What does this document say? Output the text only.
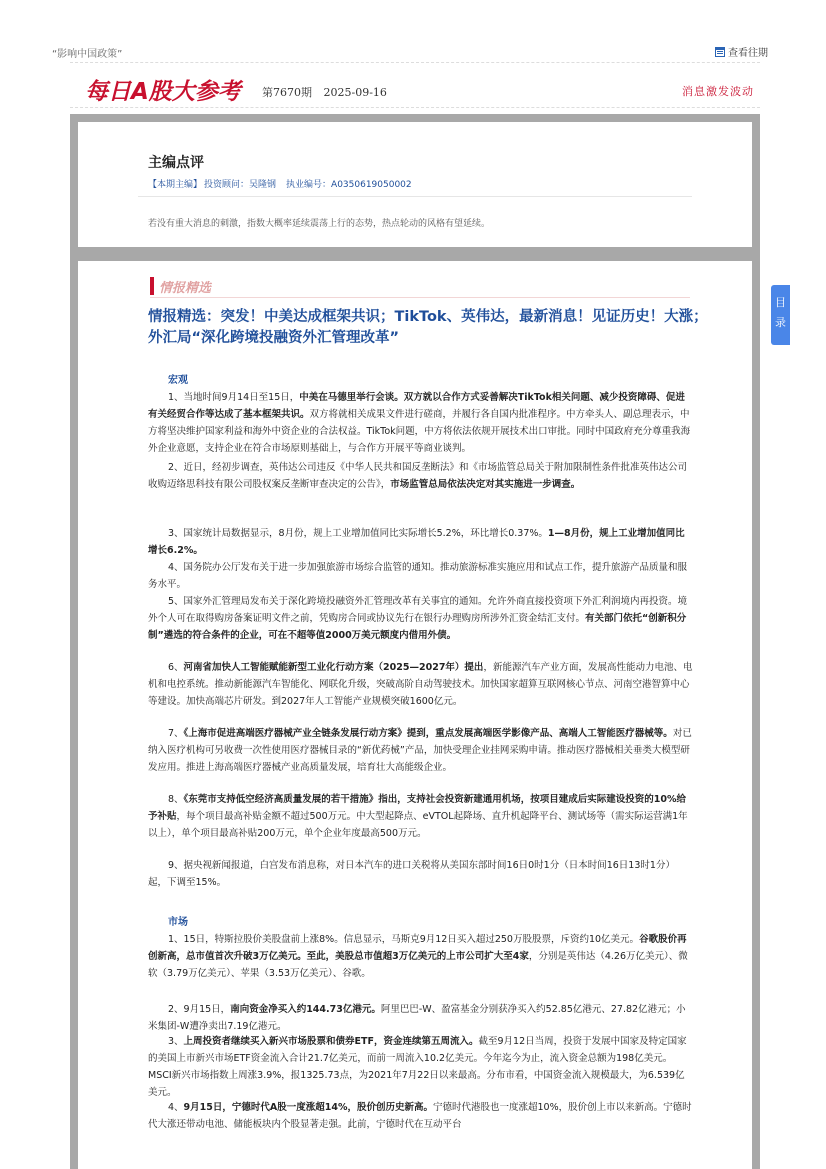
“影响中国政策”	查看往期
每日A股大参考 第7670期 2025-09-16	消息激发波动
主编点评
【本期主编】 投资顾问：吴隆钢 执业编号：A0350619050002
若没有重大消息的刺激，指数大概率延续震荡上行的态势，热点轮动的风格有望延续。
情报精选
情报精选：突发！中美达成框架共识；TikTok、英伟达，最新消息！见证历史！大涨；外汇局“深化跨境投融资外汇管理改革”
宏观
1、当地时间9月14日至15日，中美在马德里举行会谈。双方就以合作方式妥善解决TikTok相关问题、减少投资障碍、促进有关经贸合作等达成了基本框架共识。双方将就相关成果文件进行磋商，并履行各自国内批准程序。中方牵头人、副总理表示，中方将坚决维护国家利益和海外中资企业的合法权益。TikTok问题，中方将依法依规开展技术出口审批。同时中国政府充分尊重我海外企业意愿，支持企业在符合市场原则基础上，与合作方开展平等商业谈判。
2、近日，经初步调查，英伟达公司违反《中华人民共和国反垄断法》和《市场监管总局关于附加限制性条件批准英伟达公司收购迈络思科技有限公司股权案反垄断审查决定的公告》，市场监管总局依法决定对其实施进一步调查。
3、国家统计局数据显示，8月份，规上工业增加值同比实际增长5.2%，环比增长0.37%。1—8月份，规上工业增加值同比增长6.2%。
4、国务院办公厅发布关于进一步加强旅游市场综合监管的通知。推动旅游标准实施应用和试点工作，提升旅游产品质量和服务水平。
5、国家外汇管理局发布关于深化跨境投融资外汇管理改革有关事宜的通知。允许外商直接投资项下外汇利润境内再投资。境外个人可在取得购房备案证明文件之前，凭购房合同或协议先行在银行办理购房所涉外汇资金结汇支付。有关部门依托“创新积分制”遴选的符合条件的企业，可在不超等值2000万美元额度内借用外债。
6、河南省加快人工智能赋能新型工业化行动方案（2025—2027年）提出，新能源汽车产业方面，发展高性能动力电池、电机和电控系统。推动新能源汽车智能化、网联化升级，突破高阶自动驾驶技术。加快国家超算互联网核心节点、河南空港智算中心等建设。加快高端芯片研发。到2027年人工智能产业规模突破1600亿元。
7、《上海市促进高端医疗器械产业全链条发展行动方案》提到，重点发展高端医学影像产品、高端人工智能医疗器械等。对已纳入医疗机构可另收费一次性使用医疗器械目录的“新优药械”产品，加快受理企业挂网采购申请。推动医疗器械相关垂类大模型研发应用。推进上海高端医疗器械产业高质量发展，培育壮大高能级企业。
8、《东莞市支持低空经济高质量发展的若干措施》指出，支持社会投资新建通用机场，按项目建成后实际建设投资的10%给予补贴，每个项目最高补贴金额不超过500万元。中大型起降点、eVTOL起降场、直升机起降平台、测试场等（需实际运营满1年以上），单个项目最高补贴200万元，单个企业年度最高500万元。
9、据央视新闻报道，白宫发布消息称，对日本汽车的进口关税将从美国东部时间16日0时1分（日本时间16日13时1分）起，下调至15%。
市场
1、15日，特斯拉股价美股盘前上涨8%。信息显示，马斯克9月12日买入超过250万股股票，斥资约10亿美元。谷歌股价再创新高，总市值首次升破3万亿美元。至此，美股总市值超3万亿美元的上市公司扩大至4家，分别是英伟达（4.26万亿美元）、微软（3.79万亿美元）、苹果（3.53万亿美元）、谷歌。
2、9月15日，南向资金净买入约144.73亿港元。阿里巴巴-W、盈富基金分别获净买入约52.85亿港元、27.82亿港元；小米集团-W遭净卖出7.19亿港元。
3、上周投资者继续买入新兴市场股票和债券ETF，资金连续第五周流入。截至9月12日当周，投资于发展中国家及特定国家的美国上市新兴市场ETF资金流入合计21.7亿美元，而前一周流入10.2亿美元。今年迄今为止，流入资金总额为198亿美元。MSCI新兴市场指数上周涨3.9%，报1325.73点，为2021年7月22日以来最高。分布市看，中国资金流入规模最大，为6.539亿美元。
4、9月15日，宁德时代A股一度涨超14%，股价创历史新高。宁德时代港股也一度涨超10%，股价创上市以来新高。宁德时代大涨还带动电池、储能板块内个股显著走强。此前，宁德时代在互动平台
目录
